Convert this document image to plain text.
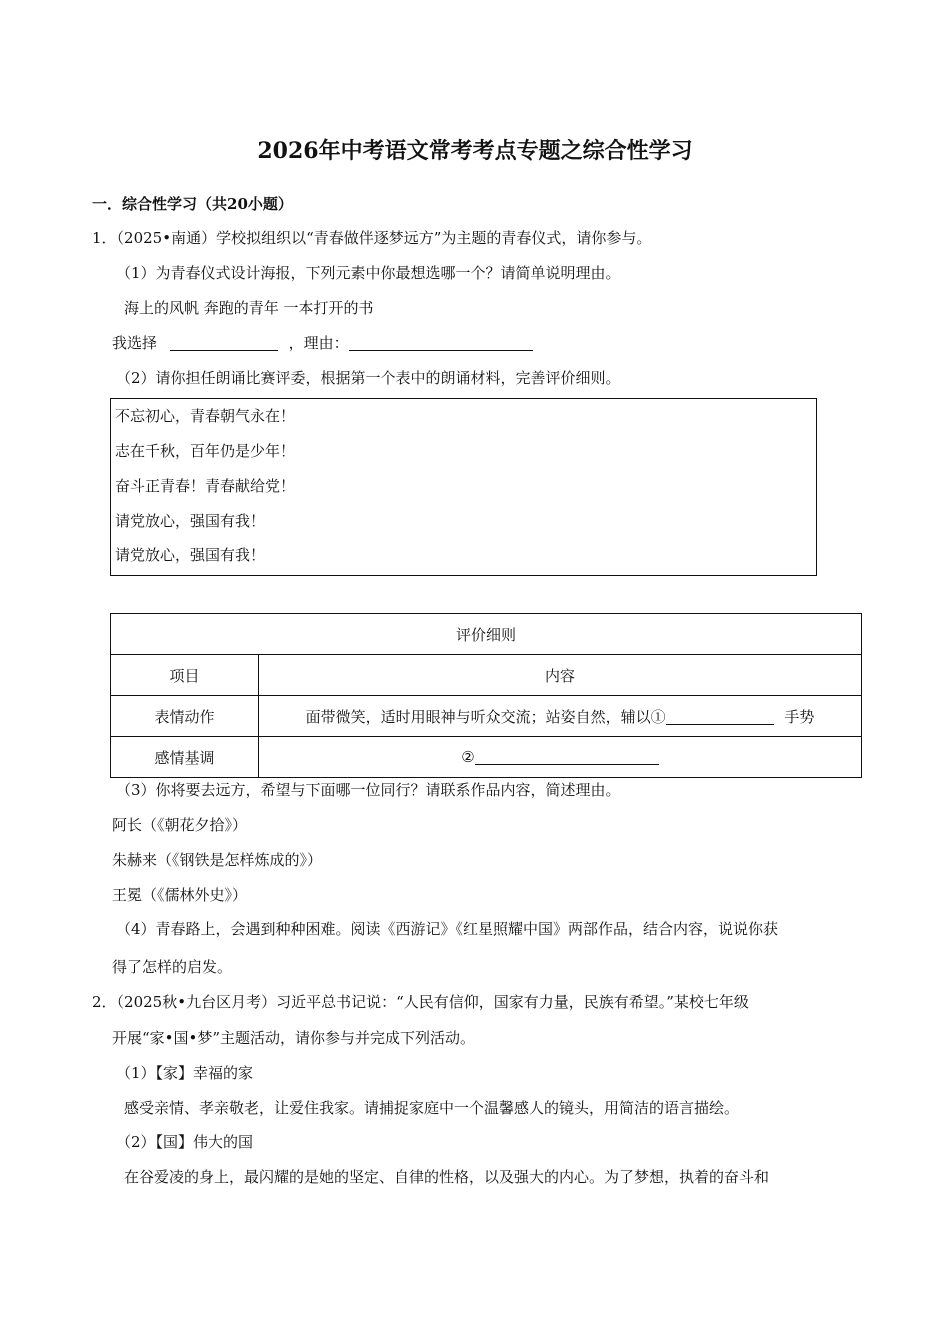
2026年中考语文常考考点专题之综合性学习
一．综合性学习（共20小题）
1．（2025•南通）学校拟组织以“青春做伴逐梦远方”为主题的青春仪式，请你参与。
（1）为青春仪式设计海报，下列元素中你最想选哪一个？请简单说明理由。
海上的风帆 奔跑的青年 一本打开的书
我选择	，理由：
（2）请你担任朗诵比赛评委，根据第一个表中的朗诵材料，完善评价细则。
不忘初心，青春朝气永在！
志在千秋，百年仍是少年！
奋斗正青春！青春献给党！
请党放心，强国有我！
请党放心，强国有我！
评价细则	
项目	内容
表情动作	面带微笑，适时用眼神与听众交流；站姿自然，辅以① 手势
感情基调	②
（3）你将要去远方，希望与下面哪一位同行？请联系作品内容，简述理由。
阿长（《朝花夕拾》）
朱赫来（《钢铁是怎样炼成的》）
王冕（《儒林外史》）
（4）青春路上，会遇到种种困难。阅读《西游记》《红星照耀中国》两部作品，结合内容，说说你获
得了怎样的启发。
2．（2025秋•九台区月考）习近平总书记说：“人民有信仰，国家有力量，民族有希望。”某校七年级
开展“家•国•梦”主题活动，请你参与并完成下列活动。
（1）【家】幸福的家
感受亲情、孝亲敬老，让爱住我家。请捕捉家庭中一个温馨感人的镜头，用简洁的语言描绘。
（2）【国】伟大的国
在谷爱凌的身上，最闪耀的是她的坚定、自律的性格，以及强大的内心。为了梦想，执着的奋斗和
